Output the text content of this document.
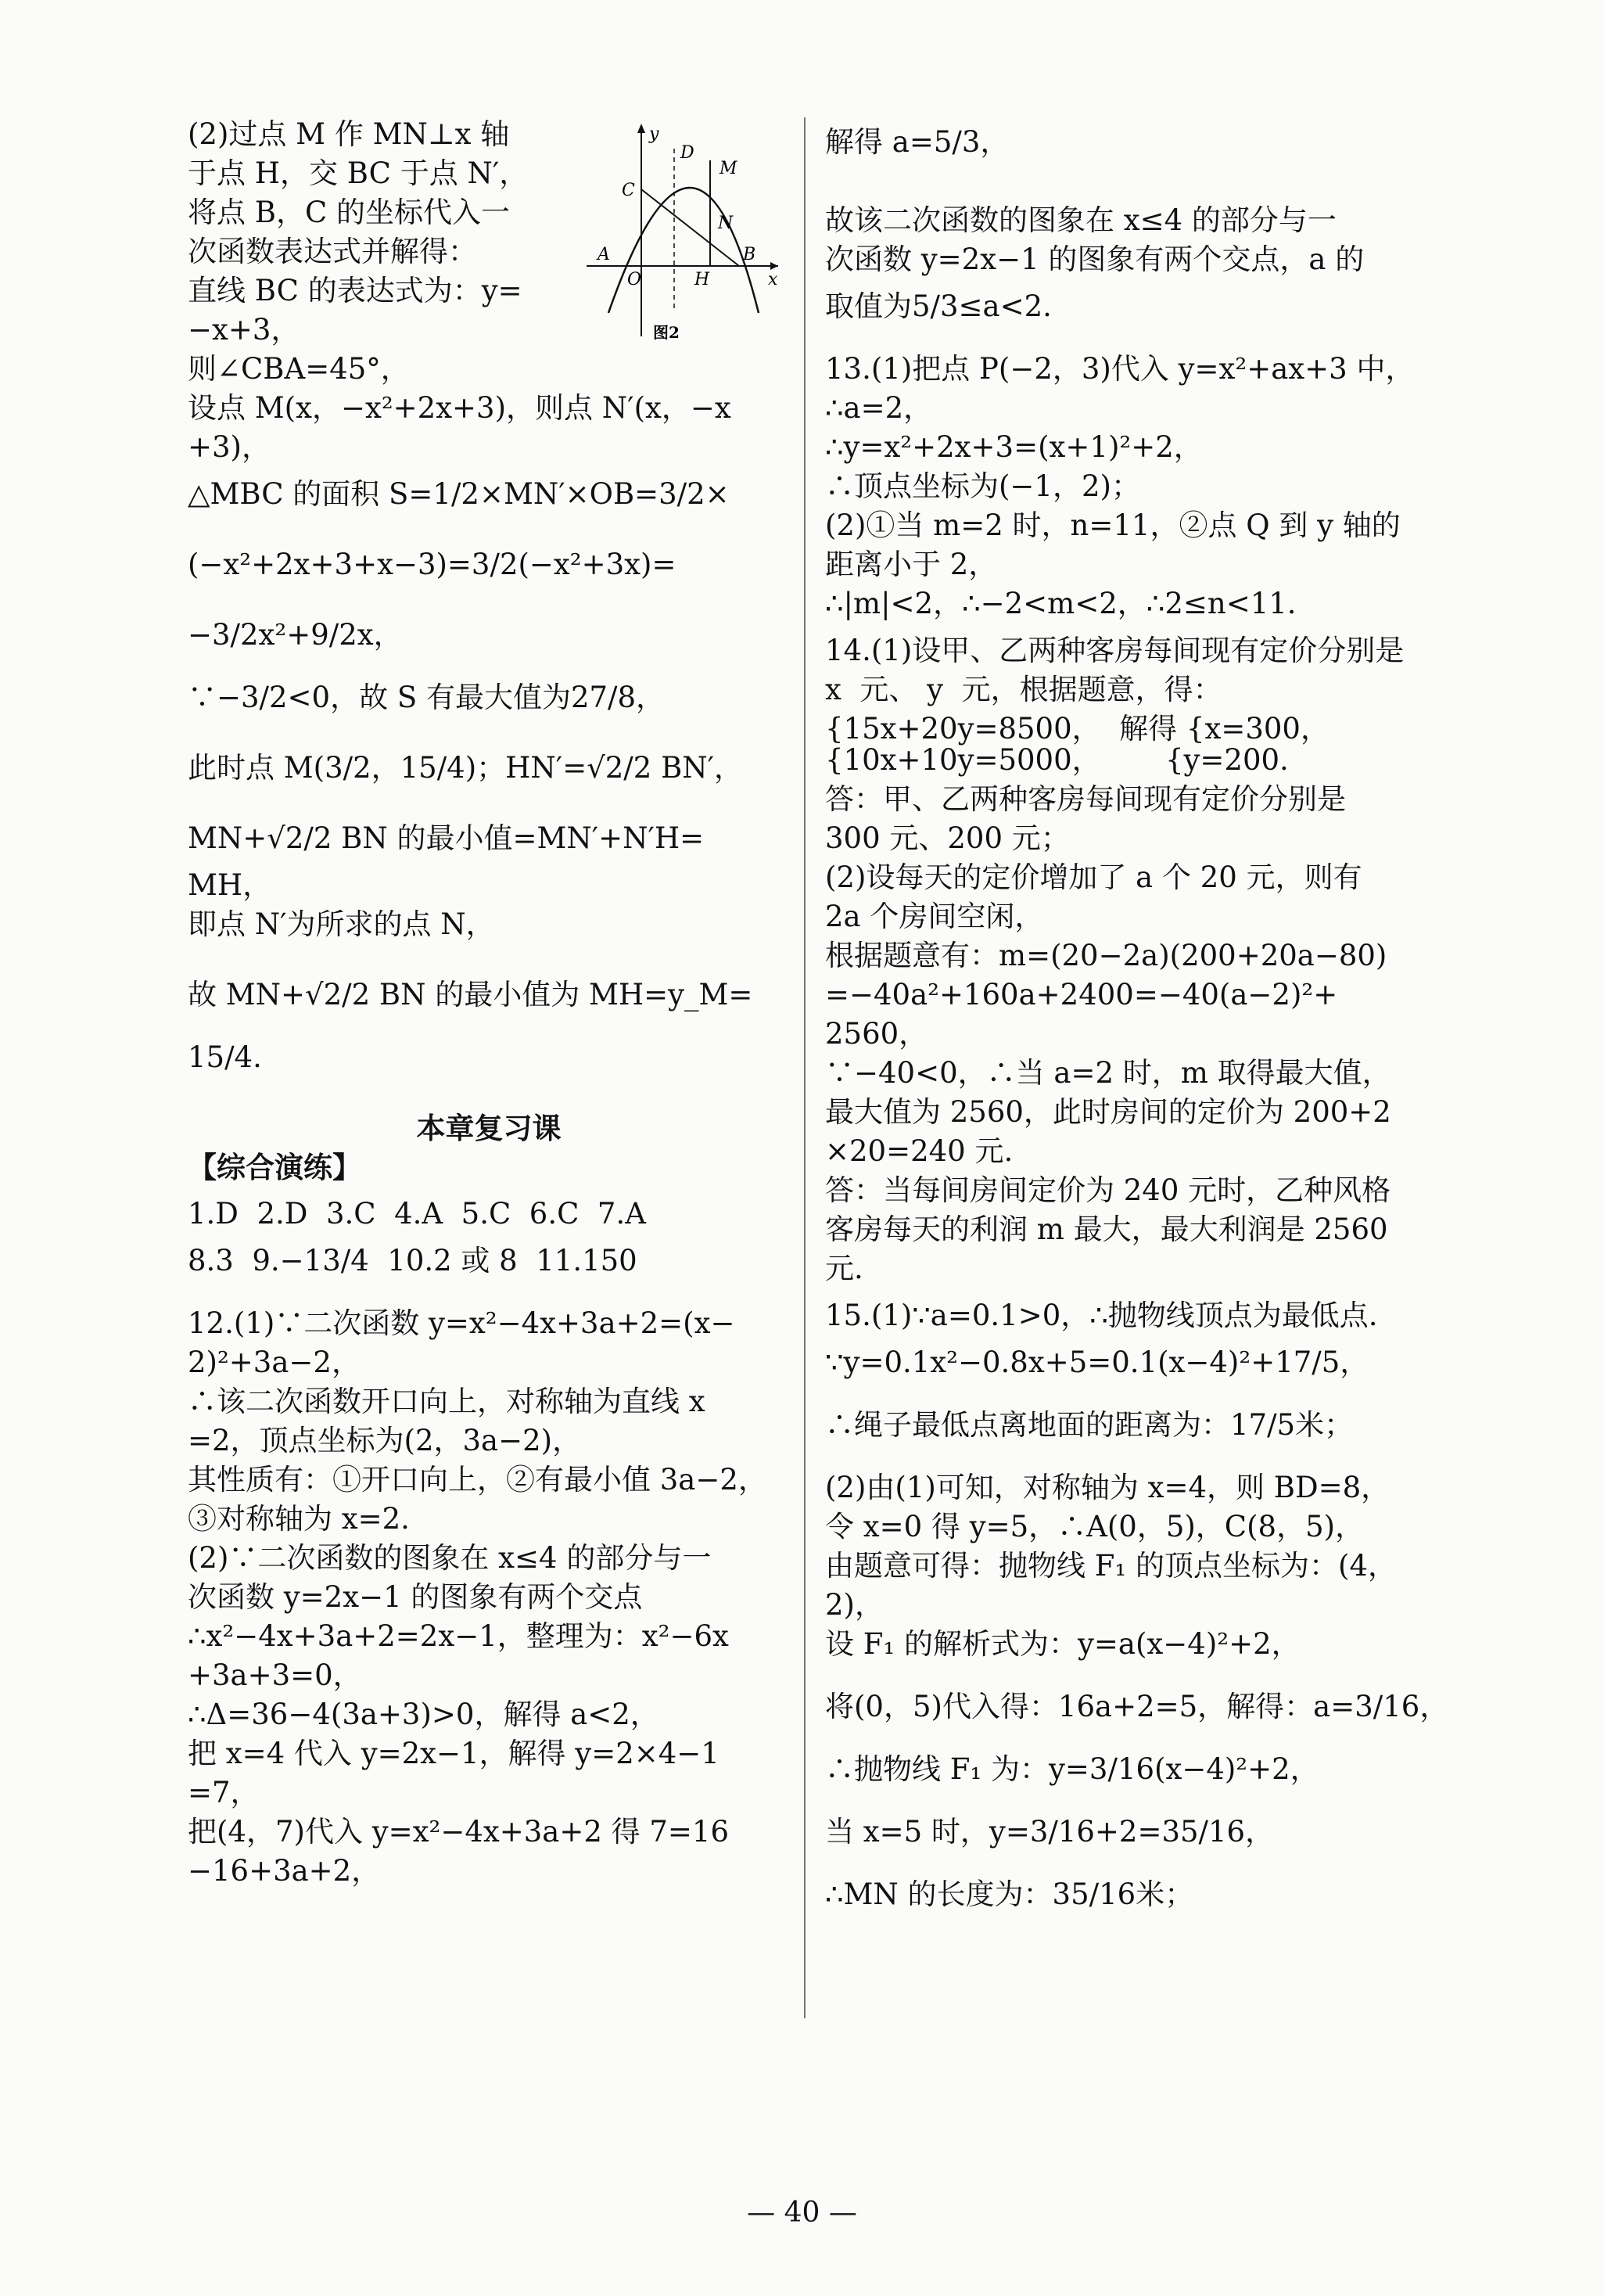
(2)过点 M 作 MN⊥x 轴
于点 H，交 BC 于点 N′，
将点 B，C 的坐标代入一
次函数表达式并解得：
直线 BC 的表达式为：y=
−x+3，
则∠CBA=45°，
设点 M(x，−x²+2x+3)，则点 N′(x，−x
+3)，
△MBC 的面积 S=1/2×MN′×OB=3/2×
(−x²+2x+3+x−3)=3/2(−x²+3x)=
−3/2x²+9/2x，
∵−3/2<0，故 S 有最大值为27/8，
此时点 M(3/2，15/4)；HN′=√2/2 BN′，
MN+√2/2 BN 的最小值=MN′+N′H=
MH，
即点 N′为所求的点 N，
故 MN+√2/2 BN 的最小值为 MH=y_M=
15/4.
本章复习课
【综合演练】
1.D  2.D  3.C  4.A  5.C  6.C  7.A
8.3  9.−13/4  10.2 或 8  11.150
12.(1)∵二次函数 y=x²−4x+3a+2=(x−
2)²+3a−2，
∴该二次函数开口向上，对称轴为直线 x
=2，顶点坐标为(2，3a−2)，
其性质有：①开口向上，②有最小值 3a−2，
③对称轴为 x=2.
(2)∵二次函数的图象在 x≤4 的部分与一
次函数 y=2x−1 的图象有两个交点
∴x²−4x+3a+2=2x−1，整理为：x²−6x
+3a+3=0，
∴Δ=36−4(3a+3)>0，解得 a<2，
把 x=4 代入 y=2x−1，解得 y=2×4−1
=7，
把(4，7)代入 y=x²−4x+3a+2 得 7=16
−16+3a+2，
解得 a=5/3，
故该二次函数的图象在 x≤4 的部分与一
次函数 y=2x−1 的图象有两个交点，a 的
取值为5/3≤a<2.
13.(1)把点 P(−2，3)代入 y=x²+ax+3 中，
∴a=2，
∴y=x²+2x+3=(x+1)²+2，
∴顶点坐标为(−1，2)；
(2)①当 m=2 时，n=11，②点 Q 到 y 轴的
距离小于 2，
∴|m|<2，∴−2<m<2，∴2≤n<11.
14.(1)设甲、乙两种客房每间现有定价分别是
x  元、 y  元，根据题意，得：
{15x+20y=8500，  解得 {x=300，
{10x+10y=5000，       {y=200.
答：甲、乙两种客房每间现有定价分别是
300 元、200 元；
(2)设每天的定价增加了 a 个 20 元，则有
2a 个房间空闲，
根据题意有：m=(20−2a)(200+20a−80)
=−40a²+160a+2400=−40(a−2)²+
2560，
∵−40<0，∴当 a=2 时，m 取得最大值，
最大值为 2560，此时房间的定价为 200+2
×20=240 元.
答：当每间房间定价为 240 元时，乙种风格
客房每天的利润 m 最大，最大利润是 2560
元.
15.(1)∵a=0.1>0，∴抛物线顶点为最低点.
∵y=0.1x²−0.8x+5=0.1(x−4)²+17/5，
∴绳子最低点离地面的距离为：17/5米；
(2)由(1)可知，对称轴为 x=4，则 BD=8，
令 x=0 得 y=5，∴A(0，5)，C(8，5)，
由题意可得：抛物线 F₁ 的顶点坐标为：(4，
2)，
设 F₁ 的解析式为：y=a(x−4)²+2，
将(0，5)代入得：16a+2=5，解得：a=3/16，
∴抛物线 F₁ 为：y=3/16(x−4)²+2，
当 x=5 时，y=3/16+2=35/16，
∴MN 的长度为：35/16米；
y
D
M
C
N
A
O	H
B
x
图2
— 40 —
